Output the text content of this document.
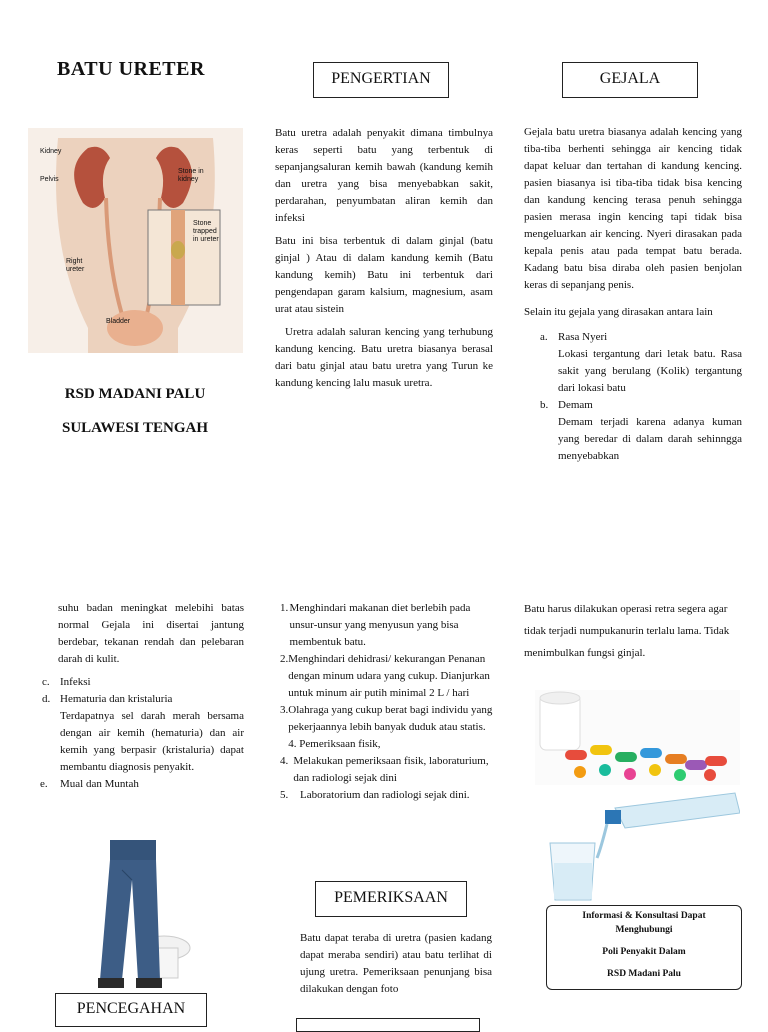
BATU URETER
Kidney
Pelvis
Stone in kidney
Stone trapped in ureter
Right ureter
Bladder
RSD MADANI PALU
SULAWESI TENGAH
PENGERTIAN

Batu uretra adalah penyakit dimana timbulnya keras seperti batu yang terbentuk di sepanjangsaluran kemih bawah (kandung kemih dan uretra yang bisa menyebabkan sakit, perdarahan, penyumbatan aliran kemih dan infeksi

Batu ini bisa terbentuk di dalam ginjal (batu ginjal ) Atau di dalam kandung kemih (Batu kandung kemih) Batu ini terbentuk dari pengendapan garam kalsium, magnesium, asam urat atau sistein

Uretra adalah saluran kencing yang terhubung kandung kencing. Batu uretra biasanya berasal dari batu ginjal atau batu uretra yang Turun ke kandung kencing lalu masuk uretra.

GEJALA

Gejala batu uretra biasanya adalah kencing yang tiba-tiba berhenti sehingga air kencing tidak dapat keluar dan tertahan di kandung kencing. pasien biasanya isi tiba-tiba tidak bisa kencing dan kandung kencing terasa penuh sehingga pasien merasa ingin kencing tapi tidak bisa mengeluarkan air kencing. Nyeri dirasakan pada kepala penis atau pada tempat batu berada. Kadang batu bisa diraba oleh pasien benjolan keras di sepanjang penis.

Selain itu gejala yang dirasakan antara lain

a. Rasa Nyeri
Lokasi tergantung dari letak batu. Rasa sakit yang berulang (Kolik) tergantung dari lokasi batu
b. Demam
Demam terjadi karena adanya kuman yang beredar di dalam darah sehinngga menyebabkan
suhu badan meningkat melebihi batas normal Gejala ini disertai jantung berdebar, tekanan rendah dan pelebaran darah di kulit.
c. Infeksi
d. Hematuria dan kristaluria
Terdapatnya sel darah merah bersama dengan air kemih (hematuria) dan air kemih yang berpasir (kristaluria) dapat membantu diagnosis penyakit.
e.	Mual dan Muntah
PENCEGAHAN
1. Menghindari makanan diet berlebih pada unsur-unsur yang menyusun yang bisa membentuk batu.
2. Menghindari dehidrasi/ kekurangan Penanan dengan minum udara yang cukup. Dianjurkan untuk minum air putih minimal 2 L / hari
3. Olahraga yang cukup berat bagi individu yang pekerjaannya lebih banyak duduk atau statis. 4. Pemeriksaan fisik,
4. Melakukan pemeriksaan fisik, laboraturium, dan radiologi sejak dini
5.	Laboratorium dan radiologi sejak dini.
PEMERIKSAAN
Batu dapat teraba di uretra (pasien kadang dapat meraba sendiri) atau batu terlihat di ujung uretra. Pemeriksaan penunjang bisa dilakukan dengan foto
Batu harus dilakukan operasi retra segera agar tidak terjadi numpukanurin terlalu lama. Tidak menimbulkan fungsi ginjal.
Informasi & Konsultasi Dapat Menghubungi
Poli Penyakit Dalam
RSD Madani Palu
